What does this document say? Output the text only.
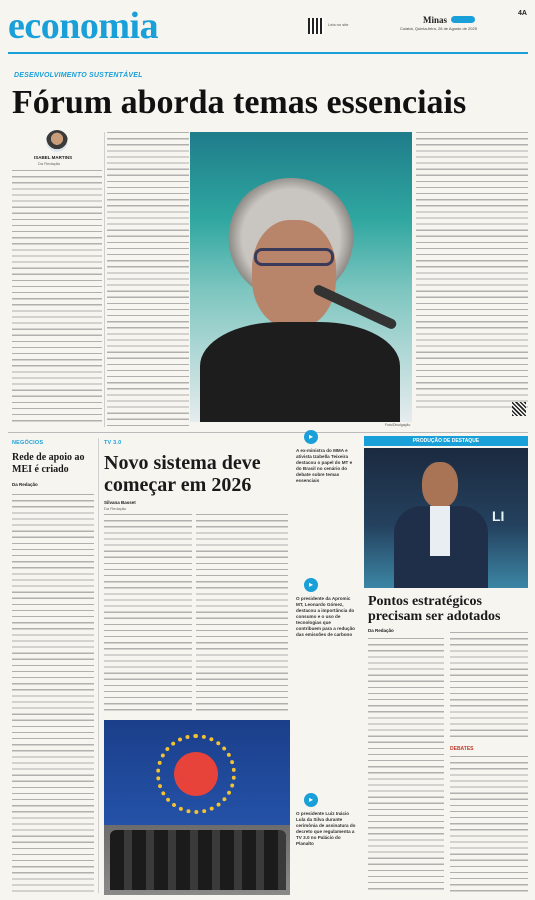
economia	Leia no site	Minas
Cuiabá, Quinta-feira, 28 de Agosto de 2025
4A
DESENVOLVIMENTO SUSTENTÁVEL
Fórum aborda temas essenciais
ISABEL MARTINS
Da Redação
Foto/Divulgação
NEGÓCIOS
Rede de apoio ao MEI é criado
Da Redação
TV 3.0
Novo sistema deve começar em 2026
Silvana Basset
Da Redação
▸
A ex-ministra do MMA e ativista Izabella Teixeira destacou o papel do MT e do Brasil no cenário do debate sobre temas essenciais
▸
O presidente da Apromic MT, Leonardo Gómez, destacou a importância do consumo e o uso de tecnologias que contribuem para a redução das emissões de carbono
▸
O presidente Luiz Inácio Lula da Silva durante cerimônia de assinatura do decreto que regulamenta a TV 3.0 no Palácio do Planalto
PRODUÇÃO DE DESTAQUE
LI
Pontos estratégicos precisam ser adotados
Da Redação
DEBATES
